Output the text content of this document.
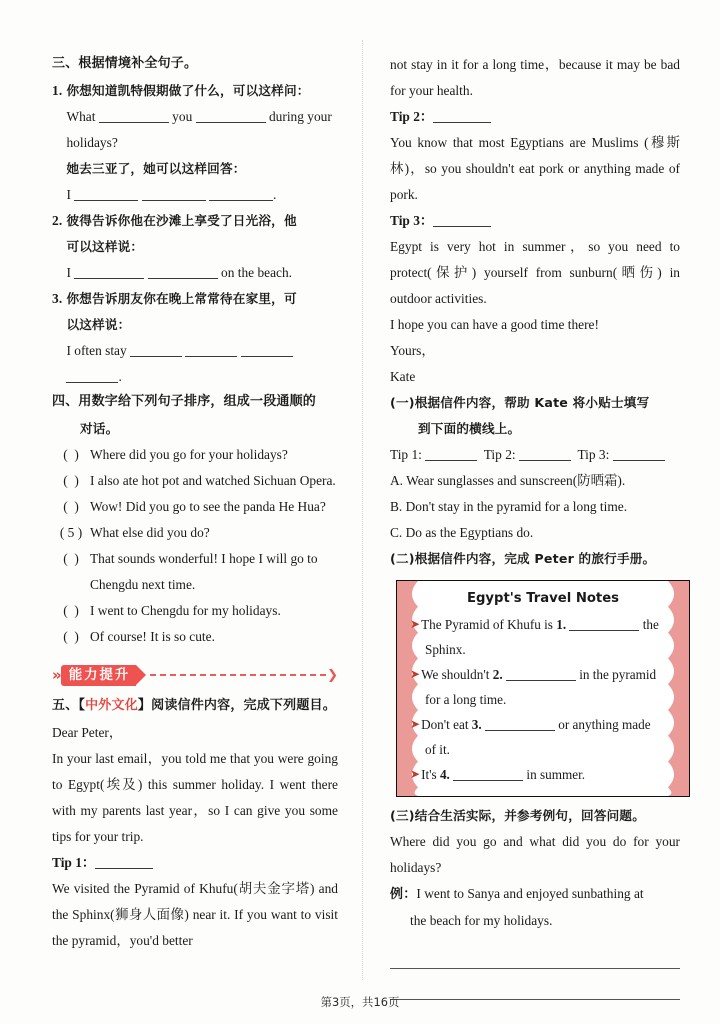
三、根据情境补全句子。
1. 你想知道凯特假期做了什么，可以这样问：
What	you	during your
holidays?
她去三亚了，她可以这样回答：
I	.
2. 彼得告诉你他在沙滩上享受了日光浴，他
可以这样说：
I	on the beach.
3. 你想告诉朋友你在晚上常常待在家里，可
以这样说：
I often stay    .
四、用数字给下列句子排序，组成一段通顺的
对话。
(  ) Where did you go for your holidays?
(  ) I also ate hot pot and watched Sichuan Opera.
(  ) Wow! Did you go to see the panda He Hua?
( 5 ) What else did you do?
(  ) That sounds wonderful! I hope I will go to Chengdu next time.
(  ) I went to Chengdu for my holidays.
(  ) Of course! It is so cute.
» 能力提升	❯
五、【中外文化】阅读信件内容，完成下列题目。
Dear Peter，
In your last email，you told me that you were going to Egypt(埃及) this summer holiday. I went there with my parents last year，so I can give you some tips for your trip.
Tip 1：
We visited the Pyramid of Khufu(胡夫金字塔) and the Sphinx(狮身人面像) near it. If you want to visit the pyramid，you'd better
not stay in it for a long time，because it may be bad for your health.
Tip 2：
You know that most Egyptians are Muslims (穆斯林)，so you shouldn't eat pork or anything made of pork.
Tip 3：
Egypt is very hot in summer，so you need to protect(保护) yourself from sunburn(晒伤) in outdoor activities.
I hope you can have a good time there!
Yours，
Kate
(一)根据信件内容，帮助 Kate 将小贴士填写
到下面的横线上。
Tip 1:	Tip 2:	Tip 3:
A. Wear sunglasses and sunscreen(防晒霜).
B. Don't stay in the pyramid for a long time.
C. Do as the Egyptians do.
(二)根据信件内容，完成 Peter 的旅行手册。
Egypt's Travel Notes
➤ The Pyramid of Khufu is 1.	the
Sphinx.
➤ We shouldn't 2.	in the pyramid
for a long time.
➤ Don't eat 3.	or anything made
of it.
➤ It's 4.	in summer.
(三)结合生活实际，并参考例句，回答问题。
Where did you go and what did you do for your holidays?
例：I went to Sanya and enjoyed sunbathing at
the beach for my holidays.
第3页，共16页
